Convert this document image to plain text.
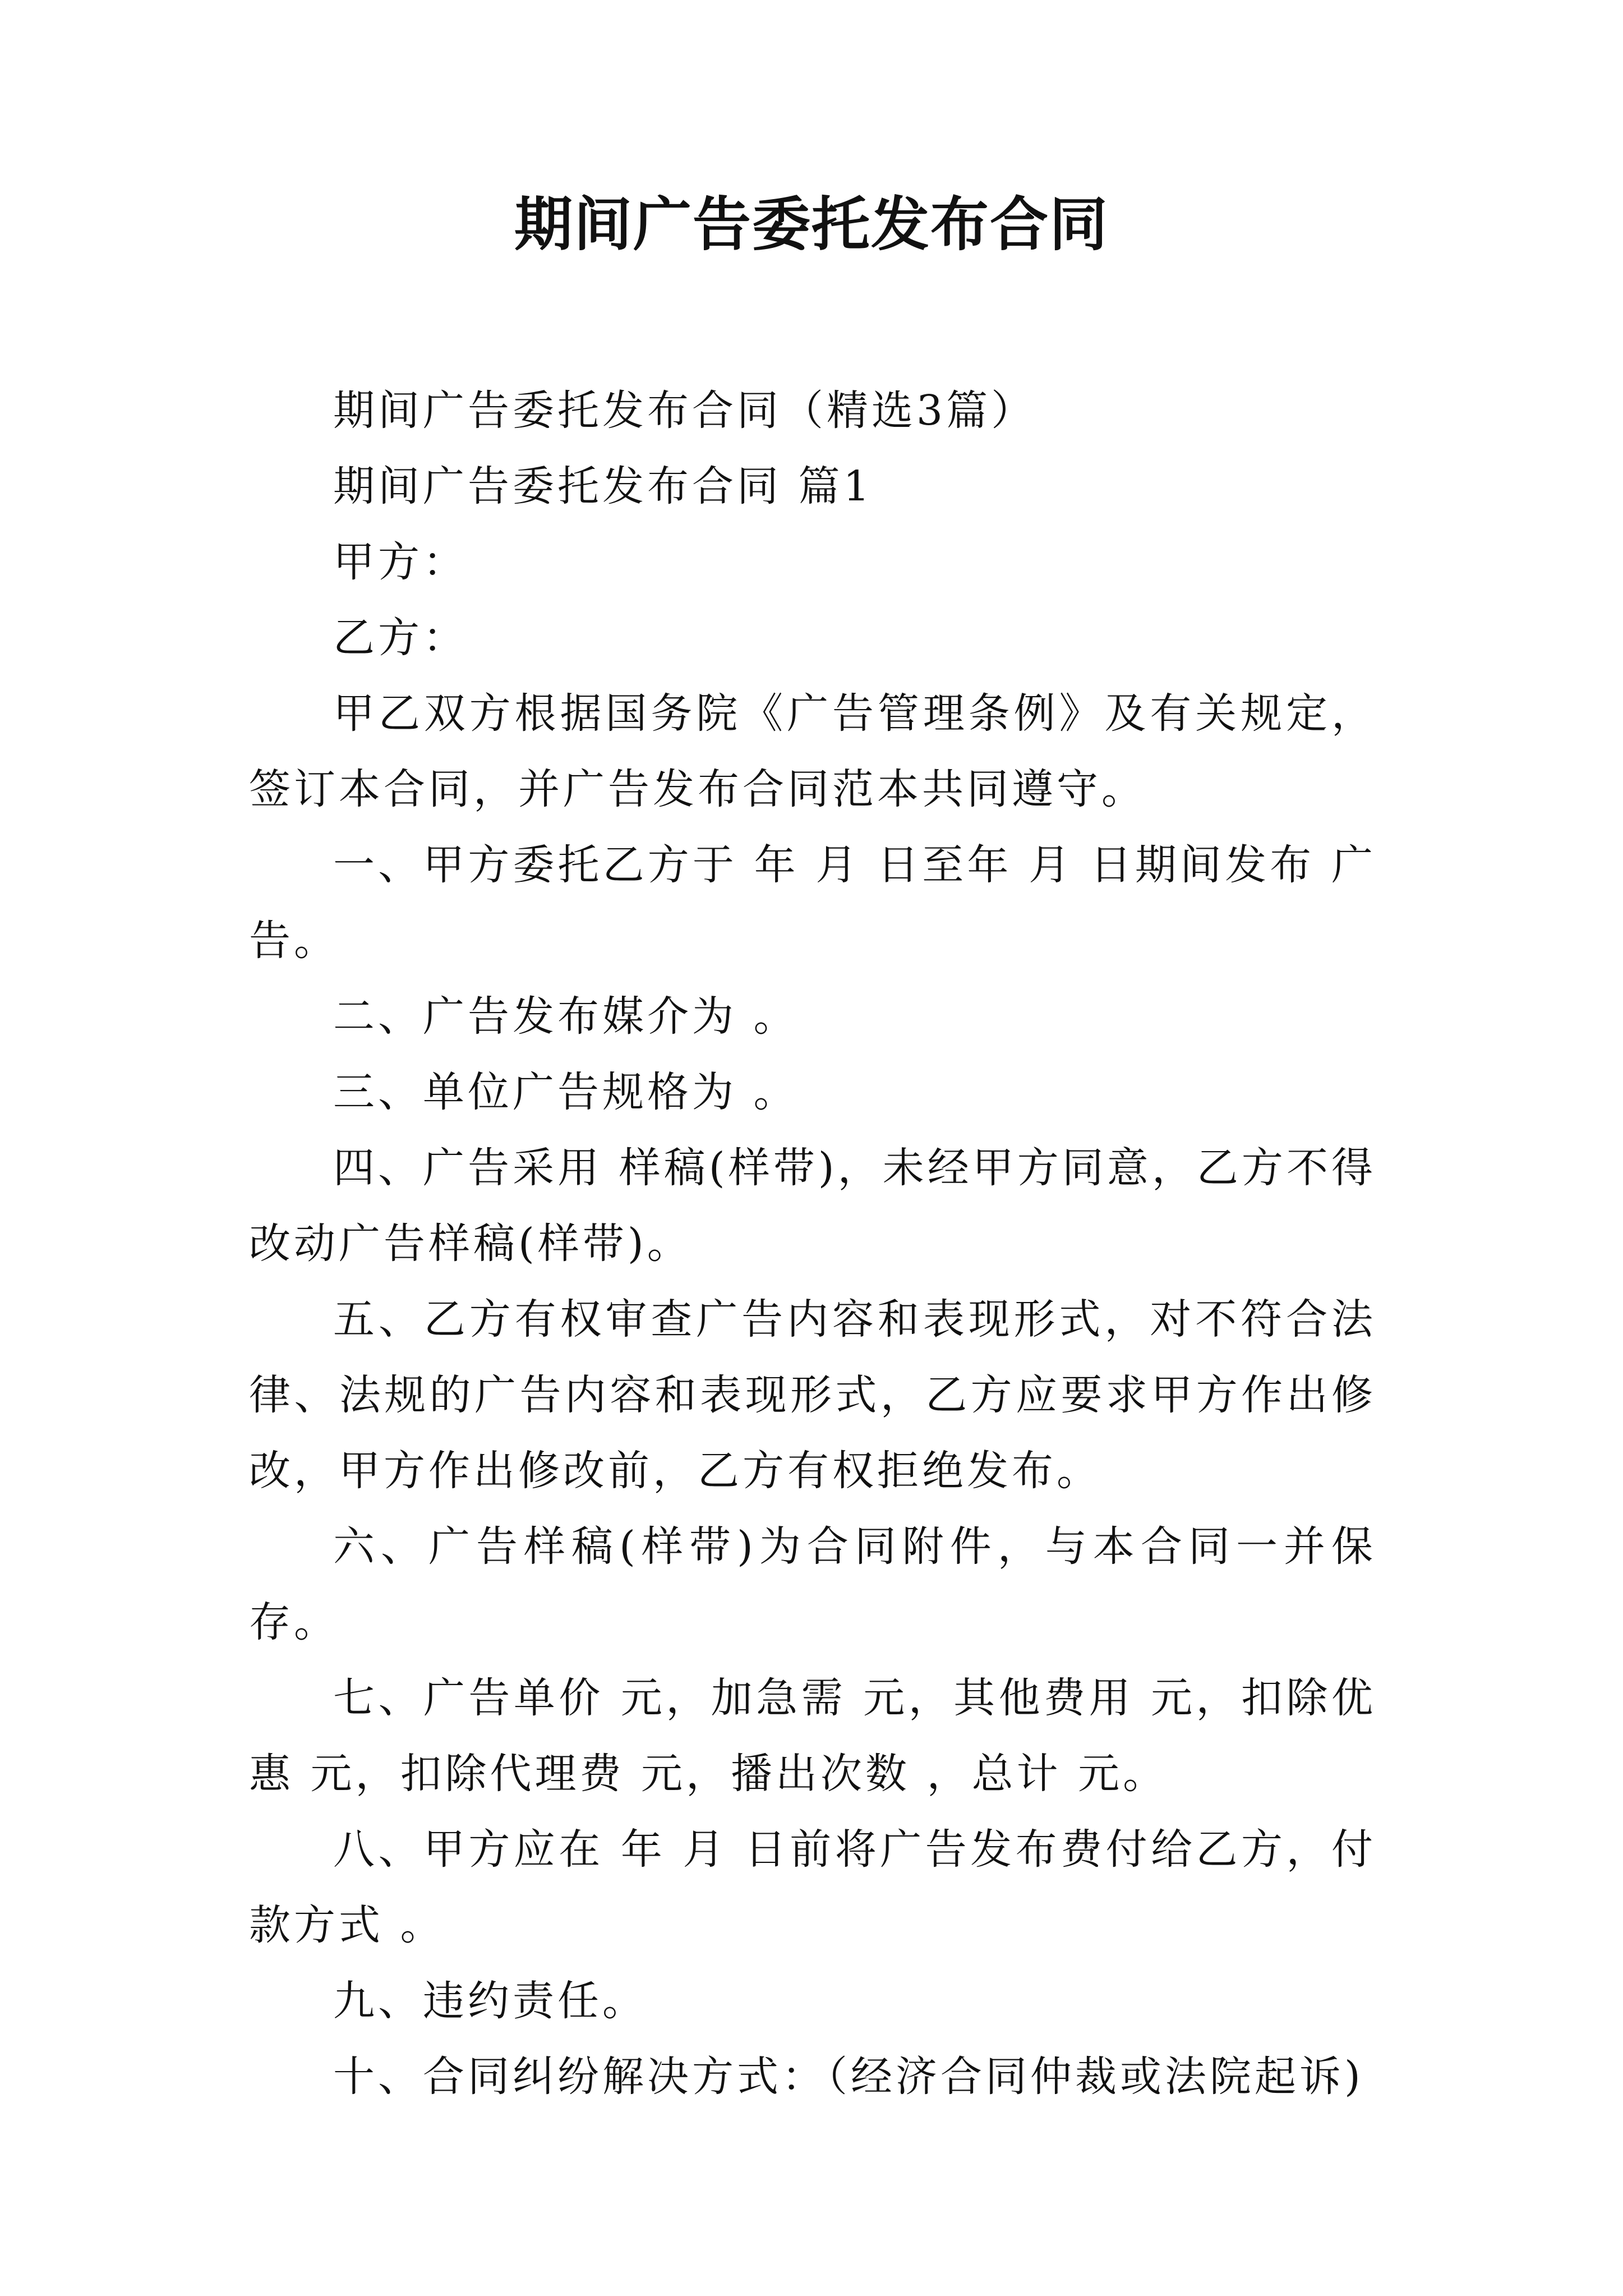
期间广告委托发布合同

期间广告委托发布合同（精选3篇）

期间广告委托发布合同 篇1

甲方：

乙方：

甲乙双方根据国务院《广告管理条例》及有关规定，签订本合同，并广告发布合同范本共同遵守。

一、甲方委托乙方于 年 月 日至年 月 日期间发布 广告。

二、广告发布媒介为 。

三、单位广告规格为 。

四、广告采用 样稿(样带)，未经甲方同意，乙方不得改动广告样稿(样带)。

五、乙方有权审查广告内容和表现形式，对不符合法律、法规的广告内容和表现形式，乙方应要求甲方作出修改，甲方作出修改前，乙方有权拒绝发布。

六、广告样稿(样带)为合同附件，与本合同一并保存。

七、广告单价 元，加急需 元，其他费用 元，扣除优惠 元，扣除代理费 元，播出次数 ，总计 元。

八、甲方应在 年 月 日前将广告发布费付给乙方，付款方式 。

九、违约责任。

十、合同纠纷解决方式：（经济合同仲裁或法院起诉)
